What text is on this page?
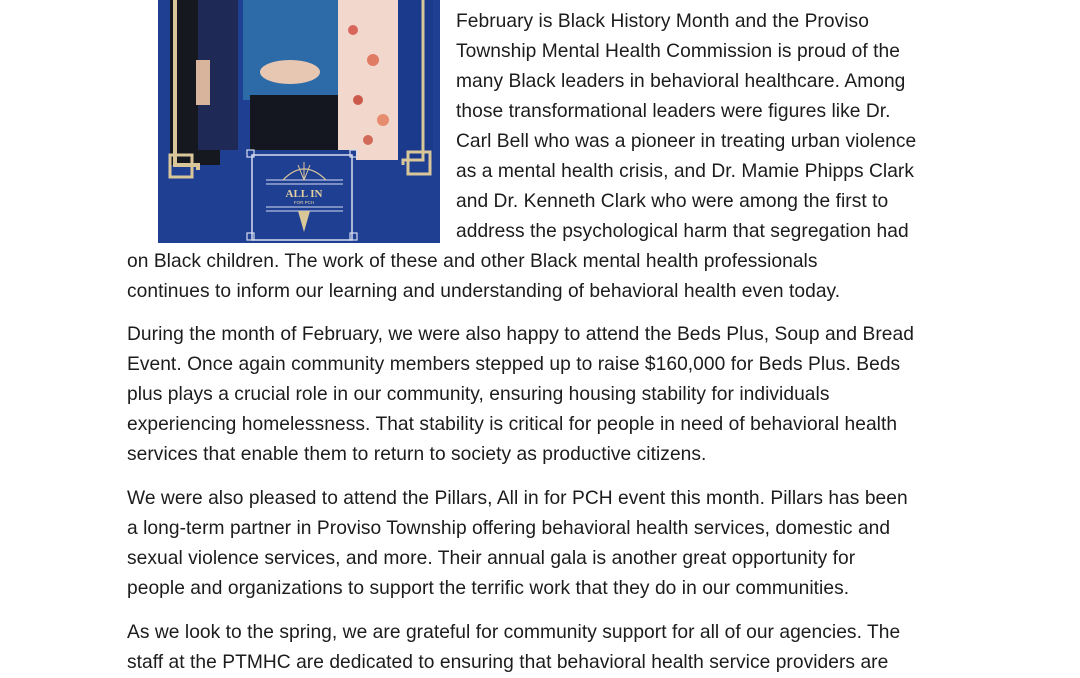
ALL IN
FOR PCH
February is Black History Month and the Proviso
Township Mental Health Commission is proud of the
many Black leaders in behavioral healthcare. Among
those transformational leaders were figures like Dr.
Carl Bell who was a pioneer in treating urban violence
as a mental health crisis, and Dr. Mamie Phipps Clark
and Dr. Kenneth Clark who were among the first to
address the psychological harm that segregation had
on Black children. The work of these and other Black mental health professionals
continues to inform our learning and understanding of behavioral health even today.
During the month of February, we were also happy to attend the Beds Plus, Soup and Bread
Event. Once again community members stepped up to raise $160,000 for Beds Plus. Beds
plus plays a crucial role in our community, ensuring housing stability for individuals
experiencing homelessness. That stability is critical for people in need of behavioral health
services that enable them to return to society as productive citizens.
We were also pleased to attend the Pillars, All in for PCH event this month. Pillars has been
a long-term partner in Proviso Township offering behavioral health services, domestic and
sexual violence services, and more. Their annual gala is another great opportunity for
people and organizations to support the terrific work that they do in our communities.
As we look to the spring, we are grateful for community support for all of our agencies. The
staff at the PTMHC are dedicated to ensuring that behavioral health service providers are
